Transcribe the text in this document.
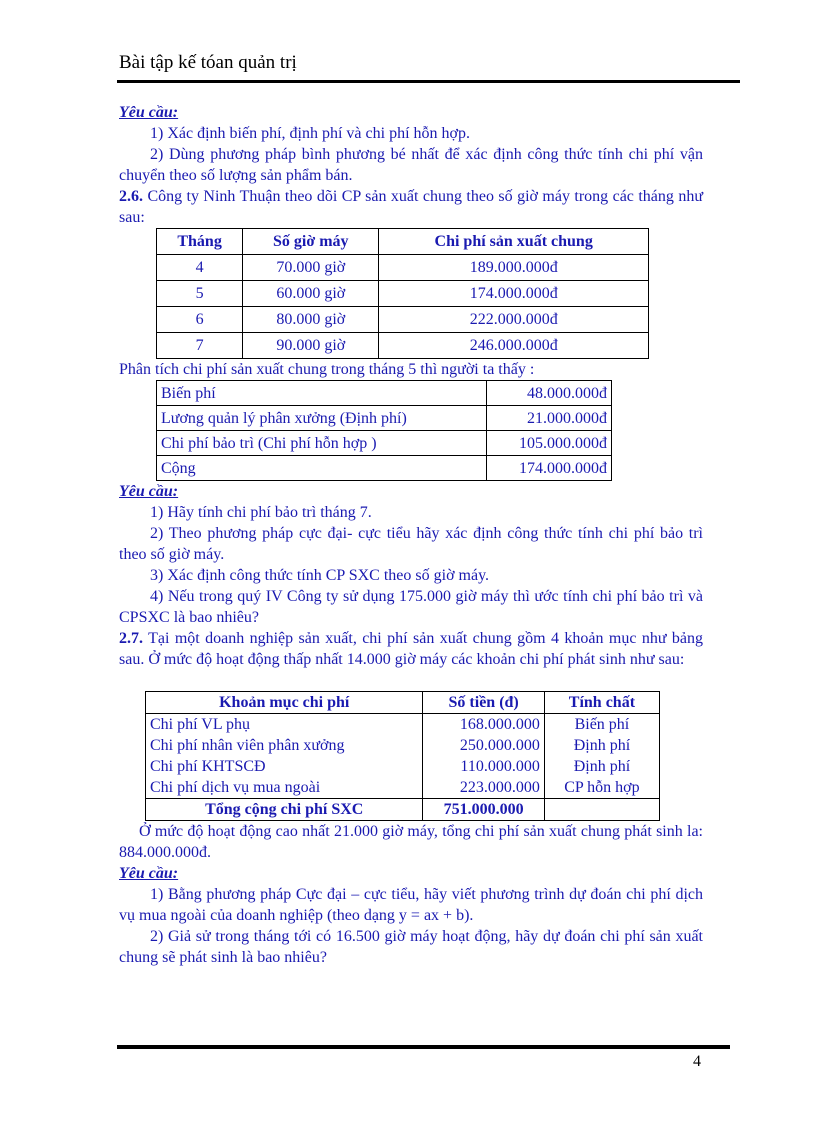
Bài tập kế tóan quản trị

Yêu cầu:

1) Xác định biến phí, định phí và chi phí hỗn hợp.

2) Dùng phương pháp bình phương bé nhất để xác định công thức tính chi phí vận chuyển theo số lượng sản phẩm bán.

2.6. Công ty Ninh Thuận theo dõi CP sản xuất chung theo số giờ máy trong các tháng như sau:

Tháng	Số giờ máy	Chi phí sản xuất chung
4	70.000 giờ	189.000.000đ
5	60.000 giờ	174.000.000đ
6	80.000 giờ	222.000.000đ
7	90.000 giờ	246.000.000đ

Phân tích chi phí sản xuất chung trong tháng 5 thì người ta thấy :

Biến phí	48.000.000đ
Lương quản lý phân xưởng (Định phí)	21.000.000đ
Chi phí bảo trì (Chi phí hỗn hợp )	105.000.000đ
Cộng	174.000.000đ

Yêu cầu:

1) Hãy tính chi phí bảo trì tháng 7.

2) Theo phương pháp cực đại- cực tiểu hãy xác định công thức tính chi phí bảo trì theo số giờ máy.

3) Xác định công thức tính CP SXC theo số giờ máy.

4) Nếu trong quý IV Công ty sử dụng 175.000 giờ máy thì ước tính chi phí bảo trì và CPSXC là bao nhiêu?

2.7. Tại một doanh nghiệp sản xuất, chi phí sản xuất chung gồm 4 khoản mục như bảng sau. Ở mức độ hoạt động thấp nhất 14.000 giờ máy các khoản chi phí phát sinh như sau:

Khoản mục chi phí	Số tiền (đ)	Tính chất
Chi phí VL phụ	168.000.000	Biến phí
Chi phí nhân viên phân xưởng	250.000.000	Định phí
Chi phí KHTSCĐ	110.000.000	Định phí
Chi phí dịch vụ mua ngoài	223.000.000	CP hỗn hợp
Tổng cộng chi phí SXC	751.000.000	

Ở mức độ hoạt động cao nhất 21.000 giờ máy, tổng chi phí sản xuất chung phát sinh la: 884.000.000đ.

Yêu cầu:

1) Bằng phương pháp Cực đại – cực tiểu, hãy viết phương trình dự đoán chi phí dịch vụ mua ngoài của doanh nghiệp (theo dạng y = ax + b).

2) Giả sử trong tháng tới có 16.500 giờ máy hoạt động, hãy dự đoán chi phí sản xuất chung sẽ phát sinh là bao nhiêu?

4
